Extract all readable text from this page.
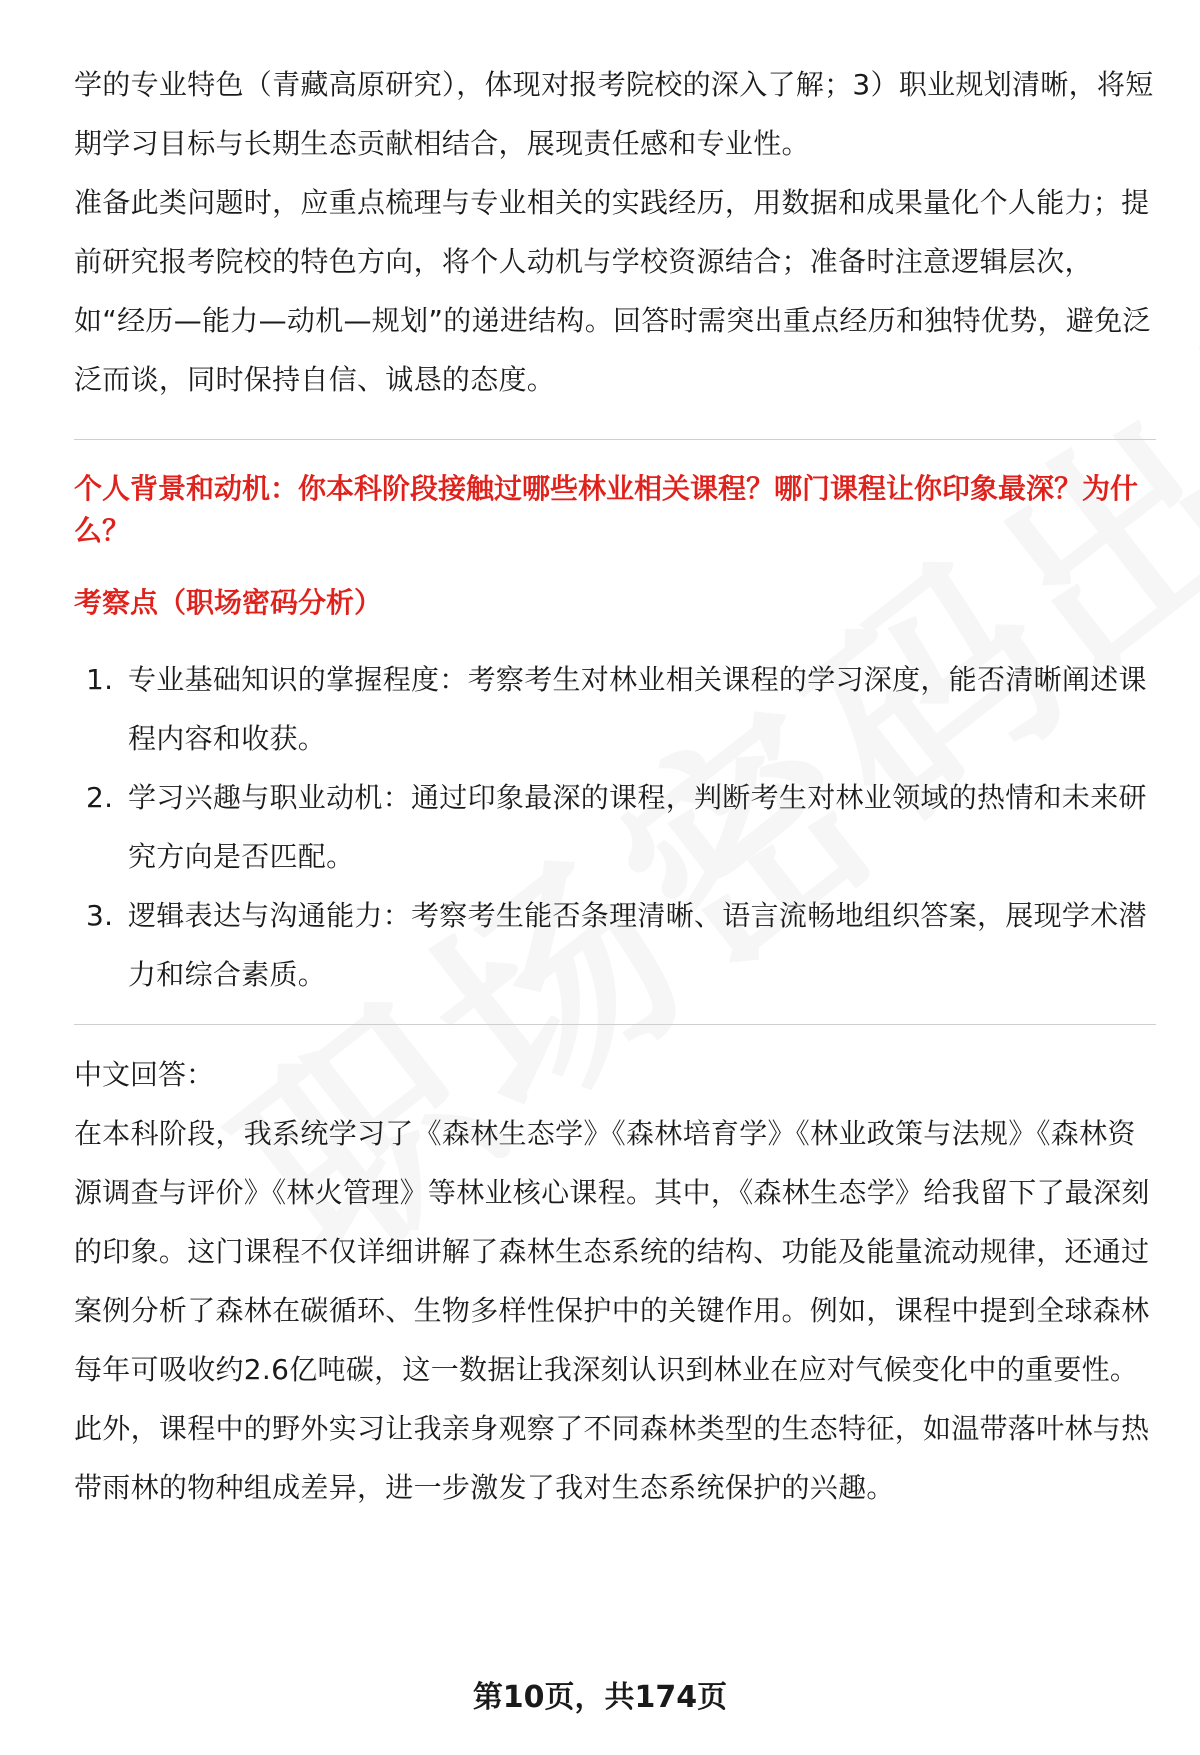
学的专业特色（青藏高原研究），体现对报考院校的深入了解；3）职业规划清晰，将短期学习目标与长期生态贡献相结合，展现责任感和专业性。

准备此类问题时，应重点梳理与专业相关的实践经历，用数据和成果量化个人能力；提前研究报考院校的特色方向，将个人动机与学校资源结合；准备时注意逻辑层次，如“经历—能力—动机—规划”的递进结构。回答时需突出重点经历和独特优势，避免泛泛而谈，同时保持自信、诚恳的态度。

个人背景和动机：你本科阶段接触过哪些林业相关课程？哪门课程让你印象最深？为什么？

考察点（职场密码分析）

1. 专业基础知识的掌握程度：考察考生对林业相关课程的学习深度，能否清晰阐述课程内容和收获。
2. 学习兴趣与职业动机：通过印象最深的课程，判断考生对林业领域的热情和未来研究方向是否匹配。
3. 逻辑表达与沟通能力：考察考生能否条理清晰、语言流畅地组织答案，展现学术潜力和综合素质。

中文回答：

在本科阶段，我系统学习了《森林生态学》《森林培育学》《林业政策与法规》《森林资源调查与评价》《林火管理》等林业核心课程。其中，《森林生态学》给我留下了最深刻的印象。这门课程不仅详细讲解了森林生态系统的结构、功能及能量流动规律，还通过案例分析了森林在碳循环、生物多样性保护中的关键作用。例如，课程中提到全球森林每年可吸收约2.6亿吨碳，这一数据让我深刻认识到林业在应对气候变化中的重要性。此外，课程中的野外实习让我亲身观察了不同森林类型的生态特征，如温带落叶林与热带雨林的物种组成差异，进一步激发了我对生态系统保护的兴趣。

第10页，共174页
